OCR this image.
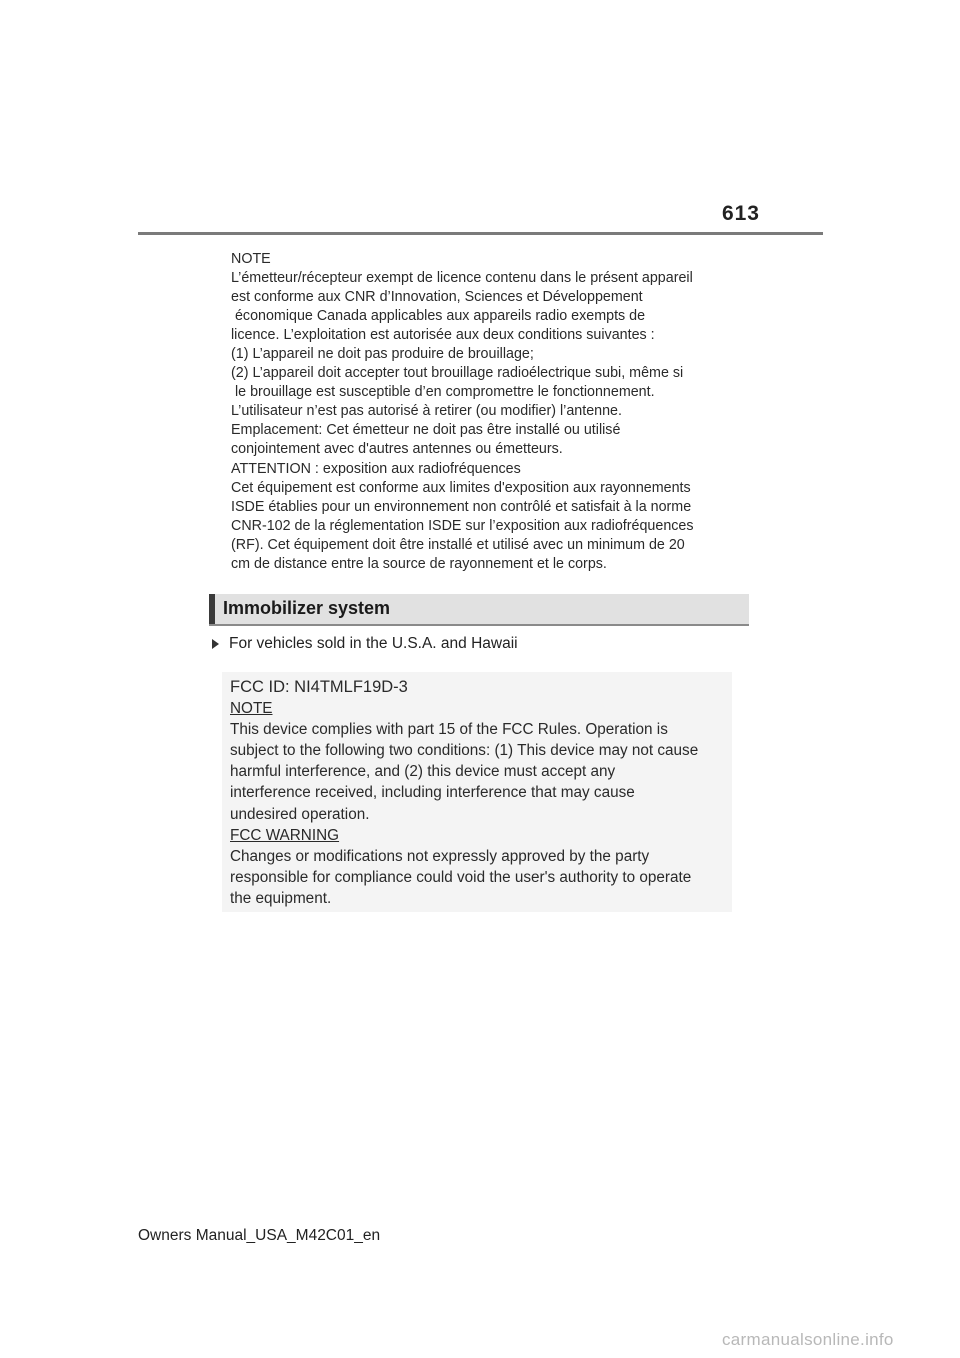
613
NOTE
L’émetteur/récepteur exempt de licence contenu dans le présent appareil
est conforme aux CNR d’Innovation, Sciences et Développement
économique Canada applicables aux appareils radio exempts de
licence. L’exploitation est autorisée aux deux conditions suivantes :
(1) L’appareil ne doit pas produire de brouillage;
(2) L’appareil doit accepter tout brouillage radioélectrique subi, même si
le brouillage est susceptible d’en compromettre le fonctionnement.
L’utilisateur n’est pas autorisé à retirer (ou modifier) l’antenne.
Emplacement: Cet émetteur ne doit pas être installé ou utilisé
conjointement avec d'autres antennes ou émetteurs.
ATTENTION : exposition aux radiofréquences
Cet équipement est conforme aux limites d'exposition aux rayonnements
ISDE établies pour un environnement non contrôlé et satisfait à la norme
CNR-102 de la réglementation ISDE sur l’exposition aux radiofréquences
(RF). Cet équipement doit être installé et utilisé avec un minimum de 20
cm de distance entre la source de rayonnement et le corps.
Immobilizer system
For vehicles sold in the U.S.A. and Hawaii
FCC ID: NI4TMLF19D-3
NOTE
This device complies with part 15 of the FCC Rules. Operation is
subject to the following two conditions: (1) This device may not cause
harmful interference, and (2) this device must accept any
interference received, including interference that may cause
undesired operation.
FCC WARNING
Changes or modifications not expressly approved by the party
responsible for compliance could void the user's authority to operate
the equipment.
Owners Manual_USA_M42C01_en
carmanualsonline.info
